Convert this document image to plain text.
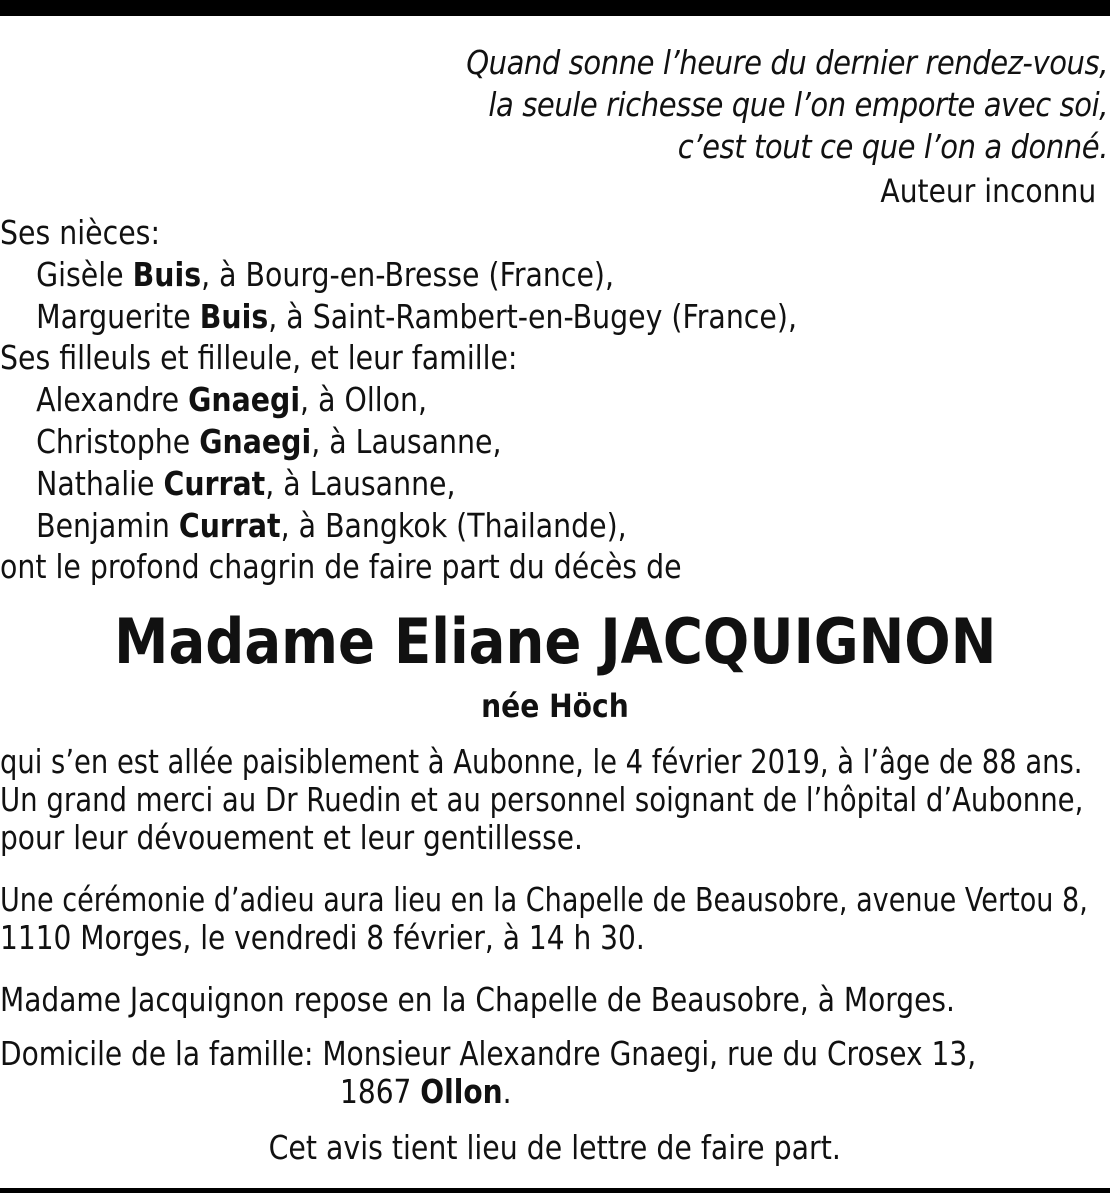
Quand sonne l’heure du dernier rendez-vous,
la seule richesse que l’on emporte avec soi,
c’est tout ce que l’on a donné.
Auteur inconnu
Ses nièces:
Gisèle Buis, à Bourg-en-Bresse (France),
Marguerite Buis, à Saint-Rambert-en-Bugey (France),
Ses filleuls et filleule, et leur famille:
Alexandre Gnaegi, à Ollon,
Christophe Gnaegi, à Lausanne,
Nathalie Currat, à Lausanne,
Benjamin Currat, à Bangkok (Thailande),
ont le profond chagrin de faire part du décès de
Madame Eliane JACQUIGNON
née Höch
qui s’en est allée paisiblement à Aubonne, le 4 février 2019, à l’âge de 88 ans.
Un grand merci au Dr Ruedin et au personnel soignant de l’hôpital d’Aubonne,
pour leur dévouement et leur gentillesse.
Une cérémonie d’adieu aura lieu en la Chapelle de Beausobre, avenue Vertou 8,
1110 Morges, le vendredi 8 février, à 14 h 30.
Madame Jacquignon repose en la Chapelle de Beausobre, à Morges.
Domicile de la famille: Monsieur Alexandre Gnaegi, rue du Crosex 13,
1867 Ollon.
Cet avis tient lieu de lettre de faire part.
